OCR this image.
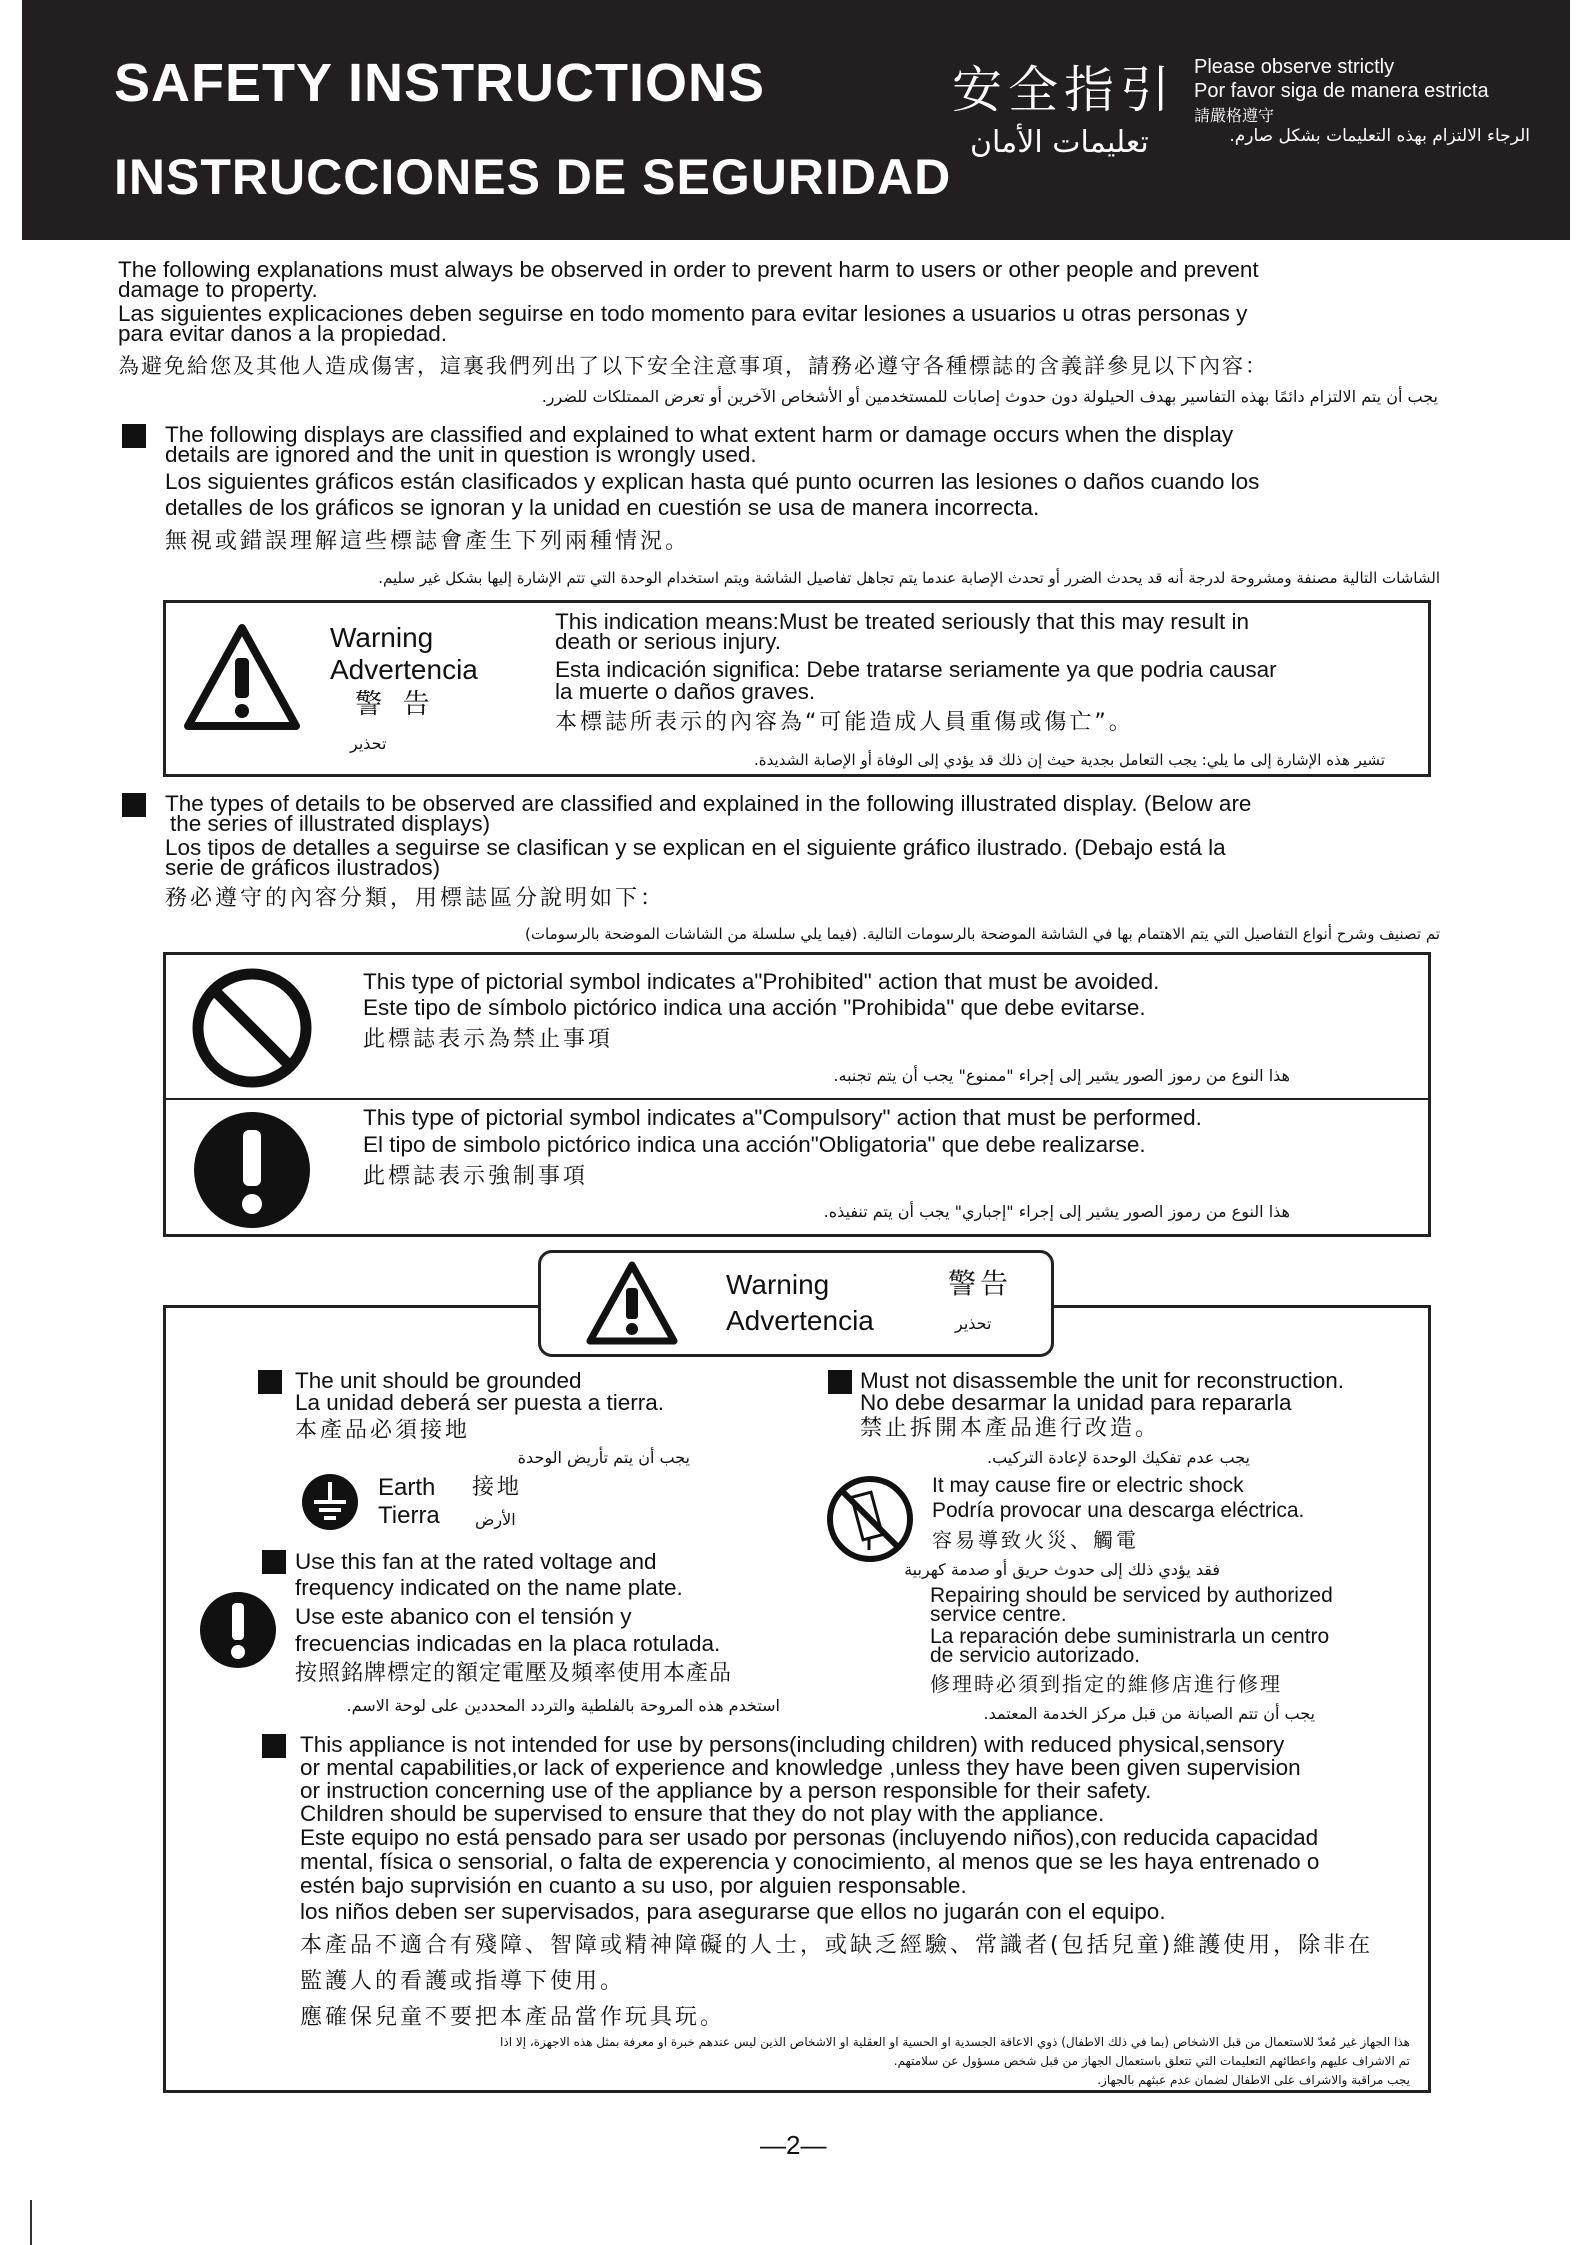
SAFETY INSTRUCTIONS
INSTRUCCIONES DE SEGURIDAD
安全指引
تعليمات الأمان
Please observe strictly
Por favor siga de manera estricta
請嚴格遵守
الرجاء الالتزام بهذه التعليمات بشكل صارم.
The following explanations must always be observed in order to prevent harm to users or other people and prevent
damage to property.
Las siguientes explicaciones deben seguirse en todo momento para evitar lesiones a usuarios u otras personas y
para evitar danos a la propiedad.
為避免給您及其他人造成傷害，這裏我們列出了以下安全注意事項，請務必遵守各種標誌的含義詳參見以下內容：
يجب أن يتم الالتزام دائمًا بهذه التفاسير بهدف الحيلولة دون حدوث إصابات للمستخدمين أو الأشخاص الآخرين أو تعرض الممتلكات للضرر.
The following displays are classified and explained to what extent harm or damage occurs when the display
details are ignored and the unit in question is wrongly used.
Los siguientes gráficos están clasificados y explican hasta qué punto ocurren las lesiones o daños cuando los
detalles de los gráficos se ignoran y la unidad en cuestión se usa de manera incorrecta.
無視或錯誤理解這些標誌會產生下列兩種情況。
الشاشات التالية مصنفة ومشروحة لدرجة أنه قد يحدث الضرر أو تحدث الإصابة عندما يتم تجاهل تفاصيل الشاشة ويتم استخدام الوحدة التي تتم الإشارة إليها بشكل غير سليم.
Warning
Advertencia
警 告
تحذير
This indication means:Must be treated seriously that this may result in
death or serious injury.
Esta indicación significa: Debe tratarse seriamente ya que podria causar
la muerte o daños graves.
本標誌所表示的內容為“可能造成人員重傷或傷亡”。
تشير هذه الإشارة إلى ما يلي: يجب التعامل بجدية حيث إن ذلك قد يؤدي إلى الوفاة أو الإصابة الشديدة.
The types of details to be observed are classified and explained in the following illustrated display. (Below are
the series of illustrated displays)
Los tipos de detalles a seguirse se clasifican y se explican en el siguiente gráfico ilustrado. (Debajo está la
serie de gráficos ilustrados)
務必遵守的內容分類，用標誌區分說明如下：
تم تصنيف وشرح أنواع التفاصيل التي يتم الاهتمام بها في الشاشة الموضحة بالرسومات التالية. (فيما يلي سلسلة من الشاشات الموضحة بالرسومات)
This type of pictorial symbol indicates a"Prohibited" action that must be avoided.
Este tipo de símbolo pictórico indica una acción "Prohibida" que debe evitarse.
此標誌表示為禁止事項
هذا النوع من رموز الصور يشير إلى إجراء "ممنوع" يجب أن يتم تجنبه.
This type of pictorial symbol indicates a"Compulsory" action that must be performed.
El tipo de simbolo pictórico indica una acción"Obligatoria" que debe realizarse.
此標誌表示強制事項
هذا النوع من رموز الصور يشير إلى إجراء "إجباري" يجب أن يتم تنفيذه.
Warning
Advertencia
警告
تحذير
The unit should be grounded
La unidad deberá ser puesta a tierra.
本產品必須接地
يجب أن يتم تأريض الوحدة
Earth 接地
Tierra الأرض
Must not disassemble the unit for reconstruction.
No debe desarmar la unidad para repararla
禁止拆開本產品進行改造。
يجب عدم تفكيك الوحدة لإعادة التركيب.
It may cause fire or electric shock
Podría provocar una descarga eléctrica.
容易導致火災、觸電
فقد يؤدي ذلك إلى حدوث حريق أو صدمة كهربية
Repairing should be serviced by authorized
service centre.
La reparación debe suministrarla un centro
de servicio autorizado.
修理時必須到指定的維修店進行修理
يجب أن تتم الصيانة من قبل مركز الخدمة المعتمد.
Use this fan at the rated voltage and
frequency indicated on the name plate.
Use este abanico con el tensión y
frecuencias indicadas en la placa rotulada.
按照銘牌標定的額定電壓及頻率使用本產品
استخدم هذه المروحة بالفلطية والتردد المحددين على لوحة الاسم.
This appliance is not intended for use by persons(including children) with reduced physical,sensory
or mental capabilities,or lack of experience and knowledge ,unless they have been given supervision
or instruction concerning use of the appliance by a person responsible for their safety.
Children should be supervised to ensure that they do not play with the appliance.
Este equipo no está pensado para ser usado por personas (incluyendo niños),con reducida capacidad
mental, física o sensorial, o falta de experencia y conocimiento, al menos que se les haya entrenado o
estén bajo suprvisión en cuanto a su uso, por alguien responsable.
los niños deben ser supervisados, para asegurarse que ellos no jugarán con el equipo.
本產品不適合有殘障、智障或精神障礙的人士，或缺乏經驗、常識者(包括兒童)維護使用，除非在
監護人的看護或指導下使用。
應確保兒童不要把本產品當作玩具玩。
هذا الجهاز غير مُعدّ للاستعمال من قبل الاشخاص (بما في ذلك الاطفال) ذوي الاعاقة الجسدية او الحسية او العقلية او الاشخاص الذين ليس عندهم خبرة او معرفة بمثل هذه الاجهزة، إلا اذا
تم الاشراف عليهم واعطائهم التعليمات التي تتعلق باستعمال الجهاز من قبل شخص مسؤول عن سلامتهم.
يجب مراقبة والاشراف على الاطفال لضمان عدم عبثهم بالجهاز.
—2—
